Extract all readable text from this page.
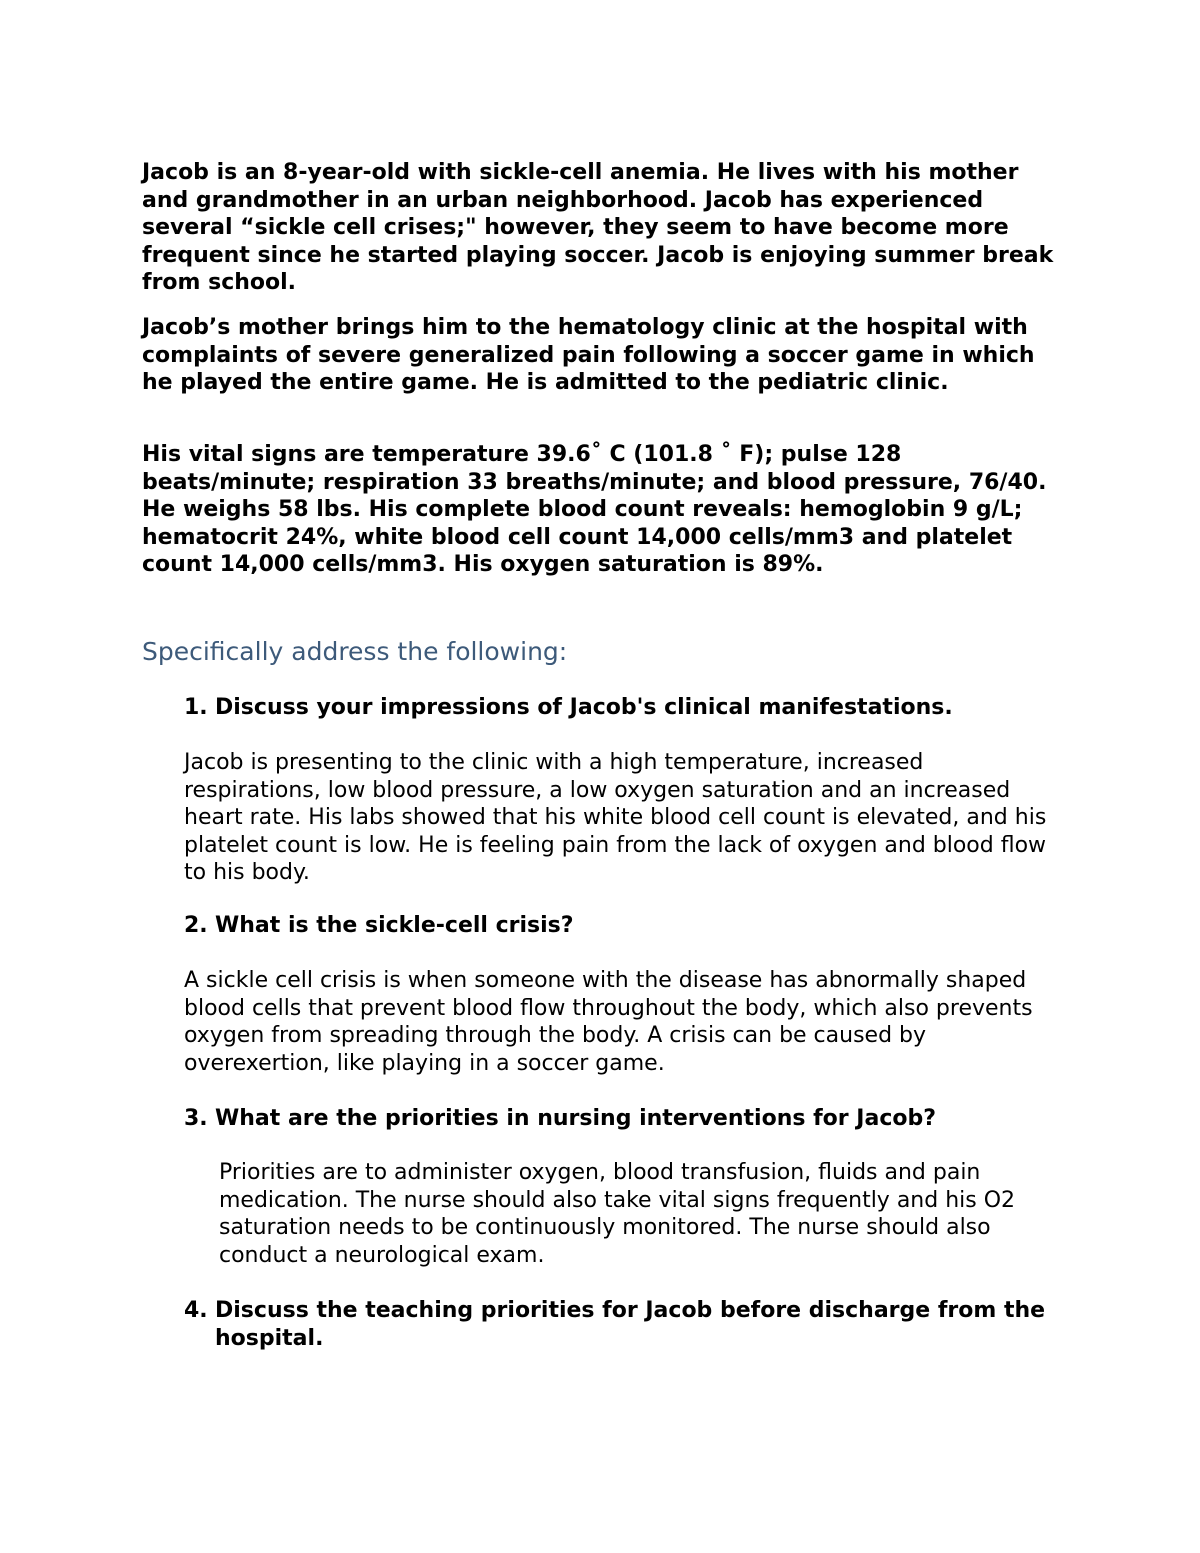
Jacob is an 8-year-old with sickle-cell anemia. He lives with his mother and grandmother in an urban neighborhood. Jacob has experienced several “sickle cell crises;" however, they seem to have become more frequent since he started playing soccer. Jacob is enjoying summer break from school.

Jacob’s mother brings him to the hematology clinic at the hospital with complaints of severe generalized pain following a soccer game in which he played the entire game. He is admitted to the pediatric clinic.

His vital signs are temperature 39.6˚ C (101.8 ˚ F); pulse 128 beats/minute; respiration 33 breaths/minute; and blood pressure, 76/40. He weighs 58 lbs. His complete blood count reveals: hemoglobin 9 g/L; hematocrit 24%, white blood cell count 14,000 cells/mm3 and platelet count 14,000 cells/mm3. His oxygen saturation is 89%.

Specifically address the following:
1. Discuss your impressions of Jacob's clinical manifestations.

Jacob is presenting to the clinic with a high temperature, increased respirations, low blood pressure, a low oxygen saturation and an increased heart rate. His labs showed that his white blood cell count is elevated, and his platelet count is low. He is feeling pain from the lack of oxygen and blood flow to his body.

2. What is the sickle-cell crisis?

A sickle cell crisis is when someone with the disease has abnormally shaped blood cells that prevent blood flow throughout the body, which also prevents oxygen from spreading through the body. A crisis can be caused by overexertion, like playing in a soccer game.

3. What are the priorities in nursing interventions for Jacob?

Priorities are to administer oxygen, blood transfusion, fluids and pain medication. The nurse should also take vital signs frequently and his O2 saturation needs to be continuously monitored. The nurse should also conduct a neurological exam.

4. Discuss the teaching priorities for Jacob before discharge from the hospital.
